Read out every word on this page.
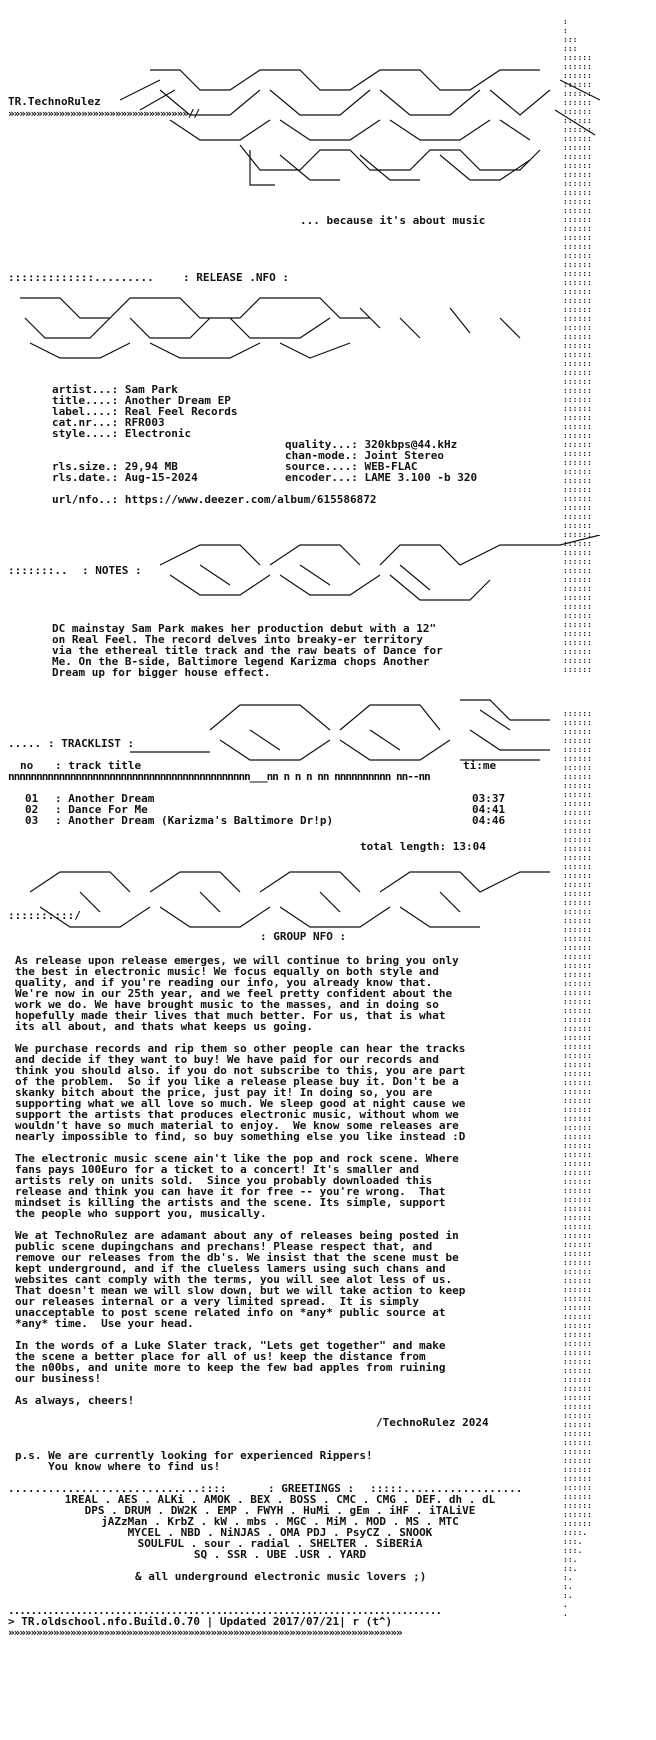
:
:
:::
:::
::::::
::::::
::::::
::::::
::::::
::::::
::::::
::::::
::::::
::::::
::::::
::::::
::::::
::::::
::::::
::::::
::::::
::::::
::::::
::::::
::::::
::::::
::::::
::::::
::::::
::::::
::::::
::::::
::::::
::::::
::::::
::::::
::::::
::::::
::::::
::::::
::::::
::::::
::::::
::::::
::::::
::::::
::::::
::::::
::::::
::::::
::::::
::::::
::::::
::::::
::::::
::::::
::::::
::::::
::::::
::::::
::::::
::::::
::::::
::::::
::::::
::::::
::::::
::::::
::::::
::::::
::::::
::::::
::::::

::::::
::::::
::::::
::::::
::::::
::::::
::::::
::::::
::::::
::::::
::::::
::::::
::::::
::::::
::::::
::::::
::::::
::::::
::::::
::::::
::::::
::::::
::::::
::::::
::::::
::::::
::::::
::::::
::::::
::::::
::::::
::::::
::::::
::::::
::::::
::::::
::::::
::::::
::::::
::::::
::::::
::::::
::::::
::::::
::::::
::::::
::::::
::::::
::::::
::::::
::::::
::::::
::::::
::::::
::::::
::::::
::::::
::::::
::::::
::::::
::::::
::::::
::::::
::::::
::::::
::::::
::::::
::::::
::::::
::::::
::::::
::::::
::::::
::::::
::::::
::::::
::::::
::::::
::::::
::::::
::::::
::::::
::::::
::::::
::::::
::::::
::::::
::::::
::::::
::::::
::::::
::::.
:::.
:::.
::.
::.
:.
:.
:.
.
.

TR.TechnoRulez
»»»»»»»»»»»»»»»»»»»»»»»»»»»»»»»»//
... because it's about music
:::::::::::::.........	: RELEASE .NFO :
artist...: Sam Park
title....: Another Dream EP
label....: Real Feel Records
cat.nr...: RFR003
style....: Electronic
quality...: 320kbps@44.kHz
chan-mode.: Joint Stereo
source....: WEB-FLAC
encoder...: LAME 3.100 -b 320
rls.size.: 29,94 MB
rls.date.: Aug-15-2024
url/nfo..: https://www.deezer.com/album/615586872
:::::::.. : NOTES :
DC mainstay Sam Park makes her production debut with a 12"
on Real Feel. The record delves into breaky-er territory
via the ethereal title track and the raw beats of Dance for
Me. On the B-side, Baltimore legend Karizma chops Another
Dream up for bigger house effect.
..... : TRACKLIST :
no : track title	ti:me
nnnnnnnnnnnnnnnnnnnnnnnnnnnnnnnnnnnnnnnnnnn___nn n n n nn nnnnnnnnnn nn--nn
01 : Another Dream	03:37
02 : Dance For Me	04:41
03 : Another Dream (Karizma's Baltimore Dr!p)	04:46
total length: 13:04
::::::::::/
: GROUP NFO :
As release upon release emerges, we will continue to bring you only
the best in electronic music! We focus equally on both style and
quality, and if you're reading our info, you already know that.
We're now in our 25th year, and we feel pretty confident about the
work we do. We have brought music to the masses, and in doing so
hopefully made their lives that much better. For us, that is what
its all about, and thats what keeps us going.
We purchase records and rip them so other people can hear the tracks
and decide if they want to buy! We have paid for our records and
think you should also. if you do not subscribe to this, you are part
of the problem.  So if you like a release please buy it. Don't be a
skanky bitch about the price, just pay it! In doing so, you are
supporting what we all love so much. We sleep good at night cause we
support the artists that produces electronic music, without whom we
wouldn't have so much material to enjoy.  We know some releases are
nearly impossible to find, so buy something else you like instead :D
The electronic music scene ain't like the pop and rock scene. Where
fans pays 100Euro for a ticket to a concert! It's smaller and
artists rely on units sold.  Since you probably downloaded this
release and think you can have it for free -- you're wrong.  That
mindset is killing the artists and the scene. Its simple, support
the people who support you, musically.
We at TechnoRulez are adamant about any of releases being posted in
public scene dupingchans and prechans! Please respect that, and
remove our releases from the db's. We insist that the scene must be
kept underground, and if the clueless lamers using such chans and
websites cant comply with the terms, you will see alot less of us.
That doesn't mean we will slow down, but we will take action to keep
our releases internal or a very limited spread.  It is simply
unacceptable to post scene related info on *any* public source at
*any* time.  Use your head.
In the words of a Luke Slater track, "Lets get together" and make
the scene a better place for all of us! keep the distance from
the n00bs, and unite more to keep the few bad apples from ruining
our business!
As always, cheers!
/TechnoRulez 2024
p.s. We are currently looking for experienced Rippers!
You know where to find us!
.............................::::	: GREETINGS : :::::..................
1REAL . AES . ALKi . AMOK . BEX . BOSS . CMC . CMG . DEF. dh . dL
DPS . DRUM . DW2K . EMP . FWYH . HuMi . gEm . iHF . iTALiVE
jAZzMan . KrbZ . kW . mbs . MGC . MiM . MOD . MS . MTC
MYCEL . NBD . NiNJAS . OMA PDJ . PsyCZ . SNOOK
SOULFUL . sour . radial . SHELTER . SiBERiA
SQ . SSR . UBE .USR . YARD
& all underground electronic music lovers ;)
.............................................................................
> TR.oldschool.nfo.Build.0.70 | Updated 2017/07/21| r (t^)
»»»»»»»»»»»»»»»»»»»»»»»»»»»»»»»»»»»»»»»»»»»»»»»»»»»»»»»»»»»»»»»»»»»»»»
